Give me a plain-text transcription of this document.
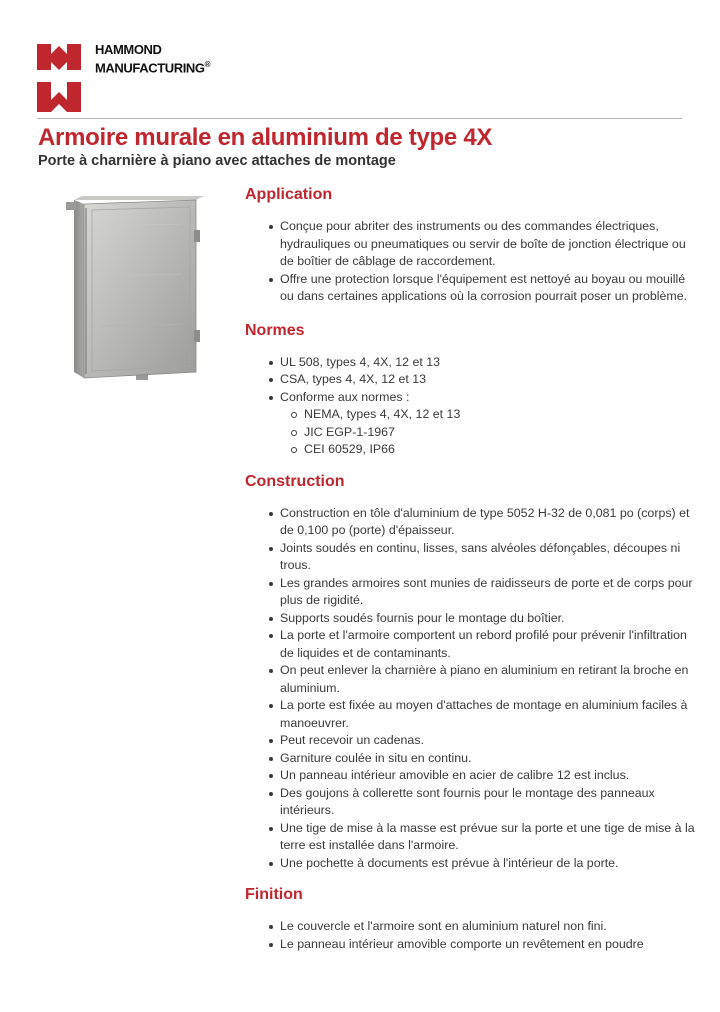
HAMMOND
MANUFACTURING®
Armoire murale en aluminium de type 4X
Porte à charnière à piano avec attaches de montage
Application
Conçue pour abriter des instruments ou des commandes électriques, hydrauliques ou pneumatiques ou servir de boîte de jonction électrique ou de boîtier de câblage de raccordement.
Offre une protection lorsque l'équipement est nettoyé au boyau ou mouillé ou dans certaines applications où la corrosion pourrait poser un problème.
Normes
UL 508, types 4, 4X, 12 et 13
CSA, types 4, 4X, 12 et 13
Conforme aux normes :
NEMA, types 4, 4X, 12 et 13
JIC EGP-1-1967
CEI 60529, IP66
Construction
Construction en tôle d'aluminium de type 5052 H-32 de 0,081 po (corps) et de 0,100 po (porte) d'épaisseur.
Joints soudés en continu, lisses, sans alvéoles défonçables, découpes ni trous.
Les grandes armoires sont munies de raidisseurs de porte et de corps pour plus de rigidité.
Supports soudés fournis pour le montage du boîtier.
La porte et l'armoire comportent un rebord profilé pour prévenir l'infiltration de liquides et de contaminants.
On peut enlever la charnière à piano en aluminium en retirant la broche en aluminium.
La porte est fixée au moyen d'attaches de montage en aluminium faciles à manoeuvrer.
Peut recevoir un cadenas.
Garniture coulée in situ en continu.
Un panneau intérieur amovible en acier de calibre 12 est inclus.
Des goujons à collerette sont fournis pour le montage des panneaux intérieurs.
Une tige de mise à la masse est prévue sur la porte et une tige de mise à la terre est installée dans l'armoire.
Une pochette à documents est prévue à l'intérieur de la porte.
Finition
Le couvercle et l'armoire sont en aluminium naturel non fini.
Le panneau intérieur amovible comporte un revêtement en poudre
